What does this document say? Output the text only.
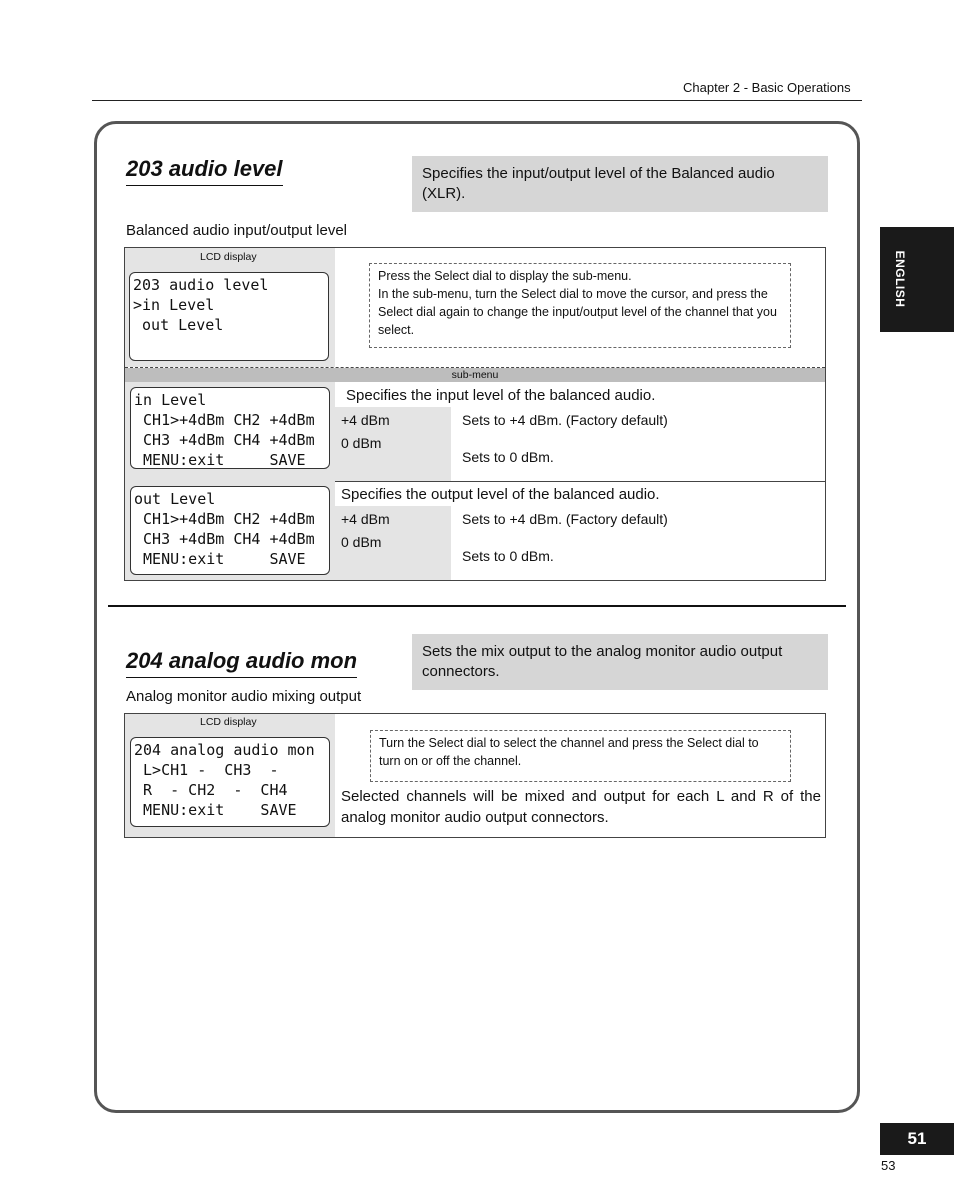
Chapter 2 - Basic Operations
ENGLISH
203 audio level	Specifies the input/output level of the Balanced audio (XLR).
Balanced audio input/output level
LCD display
203 audio level
>in Level
out Level
Press the Select dial to display the sub-menu.
In the sub-menu, turn the Select dial to move the cursor, and press the Select dial again to change the input/output level of the channel that you select.
sub-menu
in Level
CH1>+4dBm CH2 +4dBm
CH3 +4dBm CH4 +4dBm
MENU:exit     SAVE
Specifies the input level of the balanced audio.
+4 dBm
0 dBm
Sets to +4 dBm. (Factory default)
Sets to 0 dBm.
out Level
CH1>+4dBm CH2 +4dBm
CH3 +4dBm CH4 +4dBm
MENU:exit     SAVE
Specifies the output level of the balanced audio.
+4 dBm
0 dBm
Sets to +4 dBm. (Factory default)
Sets to 0 dBm.
204 analog audio mon	Sets the mix output to the analog monitor audio output connectors.
Analog monitor audio mixing output
LCD display
204 analog audio mon
L>CH1 -  CH3  -
R  - CH2  -  CH4
MENU:exit    SAVE
Turn the Select dial to select the channel and press the Select dial to turn on or off the channel.
Selected channels will be mixed and output for each L and R of the analog monitor audio output connectors.
51
53
